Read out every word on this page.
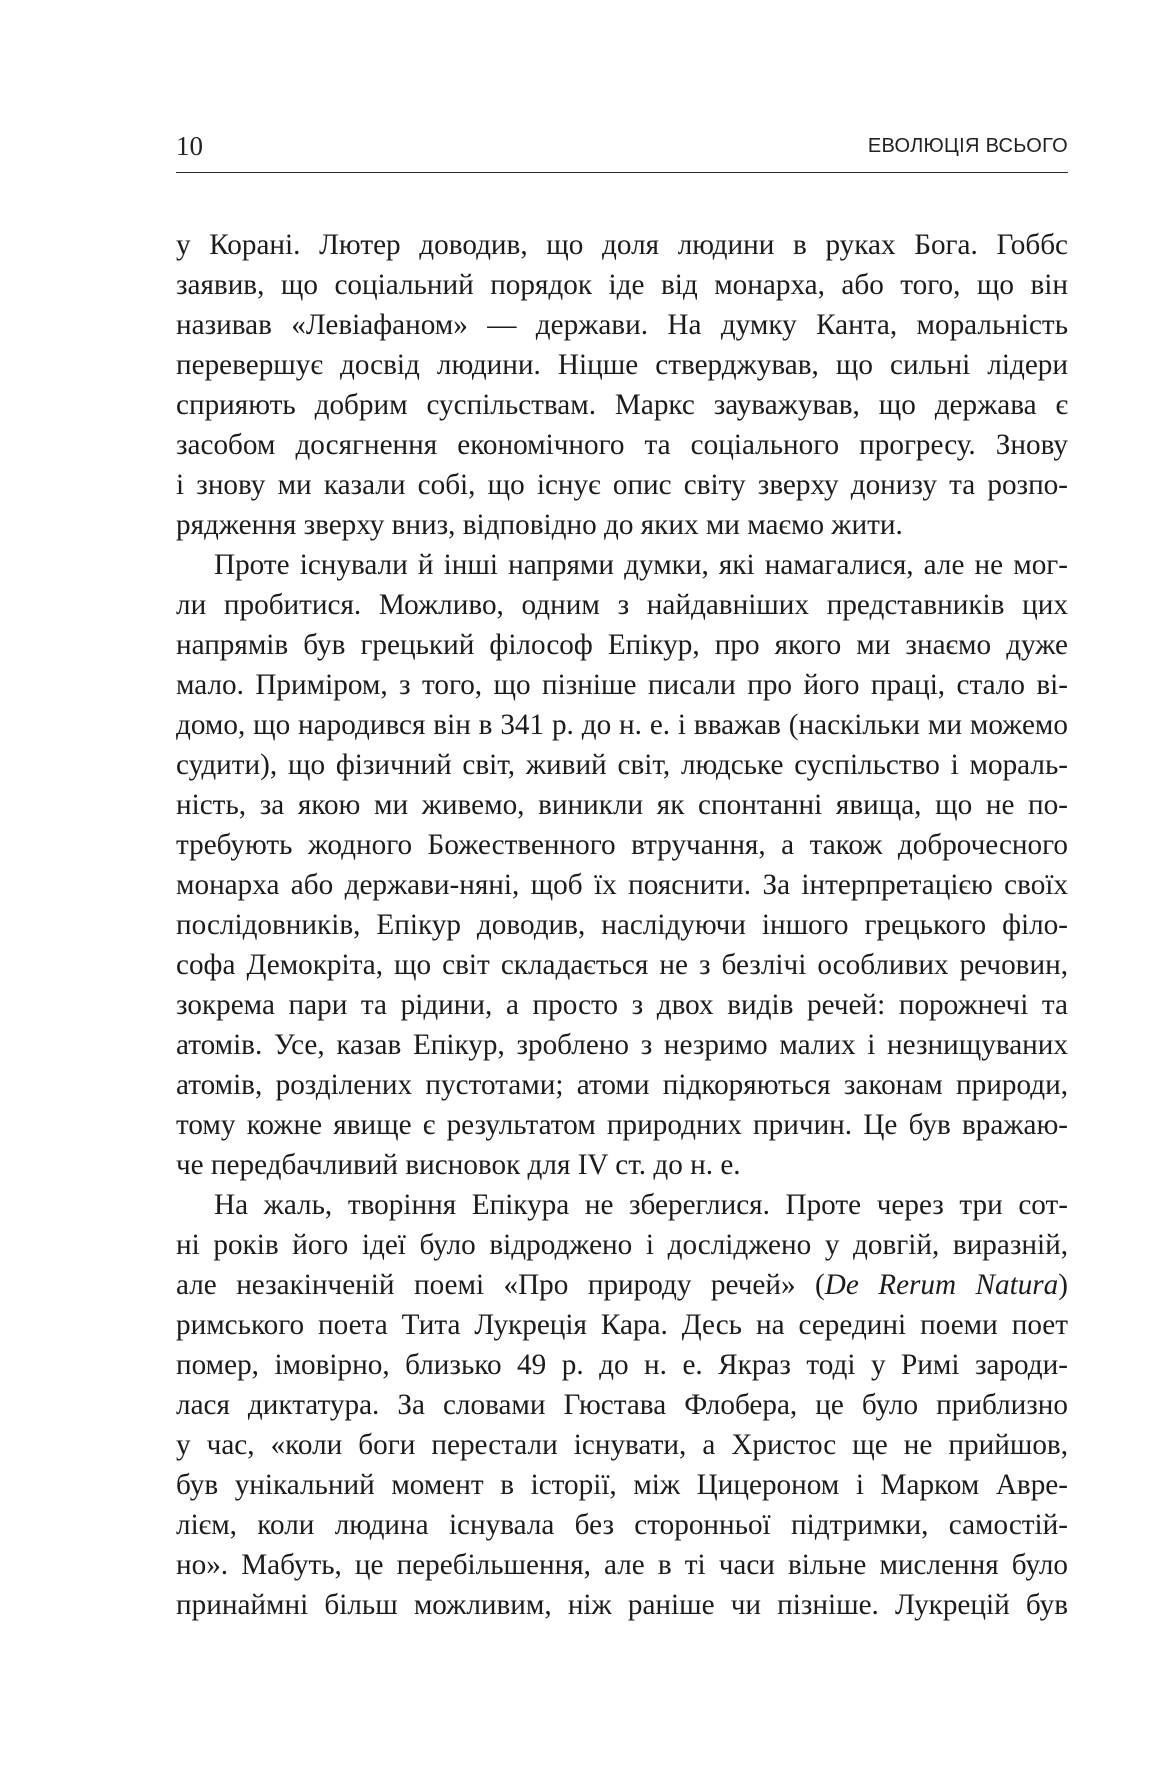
10	ЕВОЛЮЦІЯ ВСЬОГО
у Корані. Лютер доводив, що доля людини в руках Бога. Гоббс
заявив, що соціальний порядок іде від монарха, або того, що він
називав «Левіафаном» — держави. На думку Канта, моральність
перевершує досвід людини. Ніцше стверджував, що сильні лідери
сприяють добрим суспільствам. Маркс зауважував, що держава є
засобом досягнення економічного та соціального прогресу. Знову
і знову ми казали собі, що існує опис світу зверху донизу та розпо-
рядження зверху вниз, відповідно до яких ми маємо жити.
Проте існували й інші напрями думки, які намагалися, але не мог-
ли пробитися. Можливо, одним з найдавніших представників цих
напрямів був грецький філософ Епікур, про якого ми знаємо дуже
мало. Приміром, з того, що пізніше писали про його праці, стало ві-
домо, що народився він в 341 р. до н. е. і вважав (наскільки ми можемо
судити), що фізичний світ, живий світ, людське суспільство і мораль-
ність, за якою ми живемо, виникли як спонтанні явища, що не по-
требують жодного Божественного втручання, а також доброчесного
монарха або держави-няні, щоб їх пояснити. За інтерпретацією своїх
послідовників, Епікур доводив, наслідуючи іншого грецького філо-
софа Демокріта, що світ складається не з безлічі особливих речовин,
зокрема пари та рідини, а просто з двох видів речей: порожнечі та
атомів. Усе, казав Епікур, зроблено з незримо малих і незнищуваних
атомів, розділених пустотами; атоми підкоряються законам природи,
тому кожне явище є результатом природних причин. Це був вражаю-
че передбачливий висновок для IV ст. до н. е.
На жаль, творіння Епікура не збереглися. Проте через три сот-
ні років його ідеї було відроджено і досліджено у довгій, виразній,
але незакінченій поемі «Про природу речей» (De Rerum Natura)
римського поета Тита Лукреція Кара. Десь на середині поеми поет
помер, імовірно, близько 49 р. до н. е. Якраз тоді у Римі зароди-
лася диктатура. За словами Гюстава Флобера, це було приблизно
у час, «коли боги перестали існувати, а Христос ще не прийшов,
був унікальний момент в історії, між Цицероном і Марком Авре-
лієм, коли людина існувала без сторонньої підтримки, самостій-
но». Мабуть, це перебільшення, але в ті часи вільне мислення було
принаймні більш можливим, ніж раніше чи пізніше. Лукрецій був
